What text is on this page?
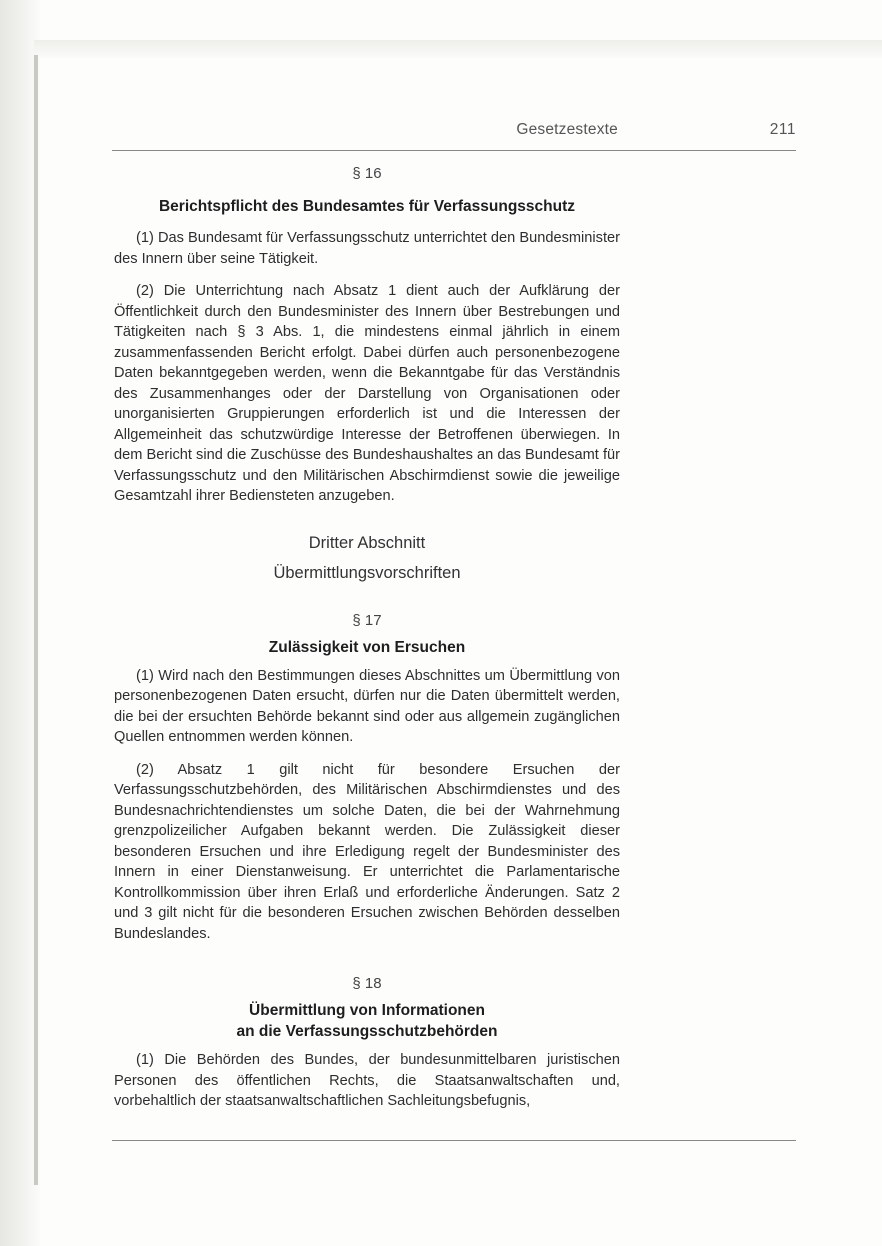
Gesetzestexte	211
§ 16
Berichtspflicht des Bundesamtes für Verfassungsschutz

(1) Das Bundesamt für Verfassungsschutz unterrichtet den Bundesminister des Innern über seine Tätigkeit.

(2) Die Unterrichtung nach Absatz 1 dient auch der Aufklärung der Öffentlichkeit durch den Bundesminister des Innern über Bestrebungen und Tätigkeiten nach § 3 Abs. 1, die mindestens einmal jährlich in einem zusammenfassenden Bericht erfolgt. Dabei dürfen auch personenbezogene Daten bekanntgegeben werden, wenn die Bekanntgabe für das Verständnis des Zusammenhanges oder der Darstellung von Organisationen oder unorganisierten Gruppierungen erforderlich ist und die Interessen der Allgemeinheit das schutzwürdige Interesse der Betroffenen überwiegen. In dem Bericht sind die Zuschüsse des Bundeshaushaltes an das Bundesamt für Verfassungsschutz und den Militärischen Abschirmdienst sowie die jeweilige Gesamtzahl ihrer Bediensteten anzugeben.

Dritter Abschnitt
Übermittlungsvorschriften
§ 17
Zulässigkeit von Ersuchen

(1) Wird nach den Bestimmungen dieses Abschnittes um Übermittlung von personenbezogenen Daten ersucht, dürfen nur die Daten übermittelt werden, die bei der ersuchten Behörde bekannt sind oder aus allgemein zugänglichen Quellen entnommen werden können.

(2) Absatz 1 gilt nicht für besondere Ersuchen der Verfassungsschutzbehörden, des Militärischen Abschirmdienstes und des Bundesnachrichtendienstes um solche Daten, die bei der Wahrnehmung grenzpolizeilicher Aufgaben bekannt werden. Die Zulässigkeit dieser besonderen Ersuchen und ihre Erledigung regelt der Bundesminister des Innern in einer Dienstanweisung. Er unterrichtet die Parlamentarische Kontrollkommission über ihren Erlaß und erforderliche Änderungen. Satz 2 und 3 gilt nicht für die besonderen Ersuchen zwischen Behörden desselben Bundeslandes.

§ 18
Übermittlung von Informationen
an die Verfassungsschutzbehörden

(1) Die Behörden des Bundes, der bundesunmittelbaren juristischen Personen des öffentlichen Rechts, die Staatsanwaltschaften und, vorbehaltlich der staatsanwaltschaftlichen Sachleitungsbefugnis,
